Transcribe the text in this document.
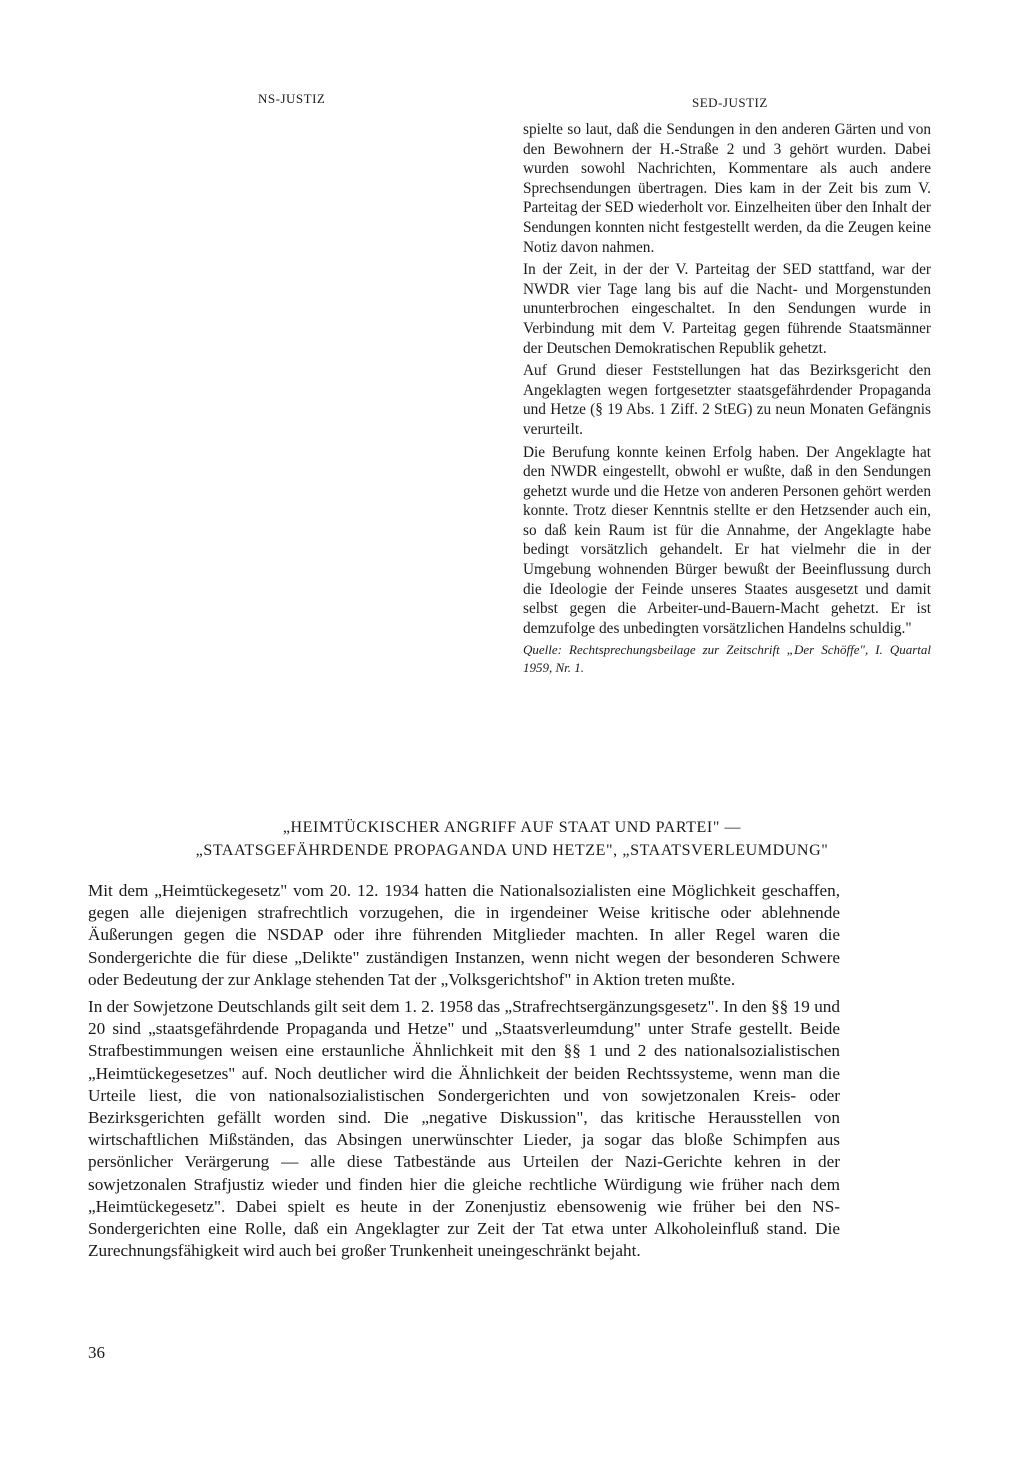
NS-JUSTIZ	SED-JUSTIZ

spielte so laut, daß die Sendungen in den anderen Gärten und von den Bewohnern der H.-Straße 2 und 3 gehört wurden. Dabei wurden sowohl Nachrichten, Kommentare als auch andere Sprechsendungen übertragen. Dies kam in der Zeit bis zum V. Parteitag der SED wiederholt vor. Einzelheiten über den Inhalt der Sendungen konnten nicht festgestellt werden, da die Zeugen keine Notiz davon nahmen.

In der Zeit, in der der V. Parteitag der SED stattfand, war der NWDR vier Tage lang bis auf die Nacht- und Morgenstunden ununterbrochen eingeschaltet. In den Sendungen wurde in Verbindung mit dem V. Parteitag gegen führende Staatsmänner der Deutschen Demokratischen Republik gehetzt.

Auf Grund dieser Feststellungen hat das Bezirksgericht den Angeklagten wegen fortgesetzter staatsgefährdender Propaganda und Hetze (§ 19 Abs. 1 Ziff. 2 StEG) zu neun Monaten Gefängnis verurteilt.

Die Berufung konnte keinen Erfolg haben. Der Angeklagte hat den NWDR eingestellt, obwohl er wußte, daß in den Sendungen gehetzt wurde und die Hetze von anderen Personen gehört werden konnte. Trotz dieser Kenntnis stellte er den Hetzsender auch ein, so daß kein Raum ist für die Annahme, der Angeklagte habe bedingt vorsätzlich gehandelt. Er hat vielmehr die in der Umgebung wohnenden Bürger bewußt der Beeinflussung durch die Ideologie der Feinde unseres Staates ausgesetzt und damit selbst gegen die Arbeiter-und-Bauern-Macht gehetzt. Er ist demzufolge des unbedingten vorsätzlichen Handelns schuldig."

Quelle: Rechtsprechungsbeilage zur Zeitschrift „Der Schöffe", I. Quartal 1959, Nr. 1.

„HEIMTÜCKISCHER ANGRIFF AUF STAAT UND PARTEI" —
„STAATSGEFÄHRDENDE PROPAGANDA UND HETZE", „STAATSVERLEUMDUNG"

Mit dem „Heimtückegesetz" vom 20. 12. 1934 hatten die Nationalsozialisten eine Möglichkeit geschaffen, gegen alle diejenigen strafrechtlich vorzugehen, die in irgendeiner Weise kritische oder ablehnende Äußerungen gegen die NSDAP oder ihre führenden Mitglieder machten. In aller Regel waren die Sondergerichte die für diese „Delikte" zuständigen Instanzen, wenn nicht wegen der besonderen Schwere oder Bedeutung der zur Anklage stehenden Tat der „Volksgerichtshof" in Aktion treten mußte.

In der Sowjetzone Deutschlands gilt seit dem 1. 2. 1958 das „Strafrechtsergänzungsgesetz". In den §§ 19 und 20 sind „staatsgefährdende Propaganda und Hetze" und „Staatsverleumdung" unter Strafe gestellt. Beide Strafbestimmungen weisen eine erstaunliche Ähnlichkeit mit den §§ 1 und 2 des nationalsozialistischen „Heimtückegesetzes" auf. Noch deutlicher wird die Ähnlichkeit der beiden Rechtssysteme, wenn man die Urteile liest, die von nationalsozialistischen Sondergerichten und von sowjetzonalen Kreis- oder Bezirksgerichten gefällt worden sind. Die „negative Diskussion", das kritische Herausstellen von wirtschaftlichen Mißständen, das Absingen unerwünschter Lieder, ja sogar das bloße Schimpfen aus persönlicher Verärgerung — alle diese Tatbestände aus Urteilen der Nazi-Gerichte kehren in der sowjetzonalen Strafjustiz wieder und finden hier die gleiche rechtliche Würdigung wie früher nach dem „Heimtückegesetz". Dabei spielt es heute in der Zonenjustiz ebensowenig wie früher bei den NS-Sondergerichten eine Rolle, daß ein Angeklagter zur Zeit der Tat etwa unter Alkoholeinfluß stand. Die Zurechnungsfähigkeit wird auch bei großer Trunkenheit uneingeschränkt bejaht.

36
